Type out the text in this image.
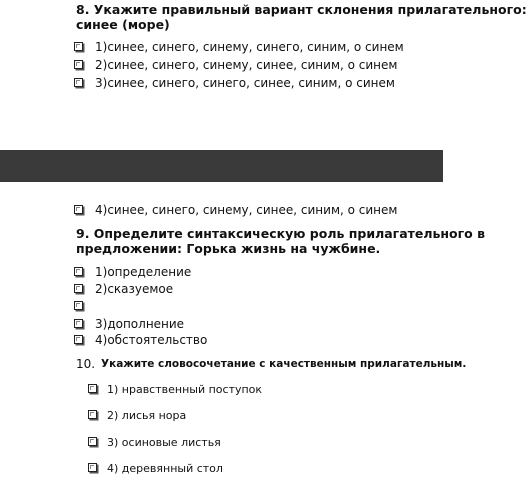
8. Укажите правильный вариант склонения прилагательного:
синее (море)
1)синее, синего, синему, синего, синим, о синем
2)синее, синего, синему, синее, синим, о синем
3)синее, синего, синего, синее, синим, о синем
4)синее, синего, синему, синее, синим, о синем
9. Определите синтаксическую роль прилагательного в
предложении: Горька жизнь на чужбине.
1)определение
2)сказуемое
3)дополнение
4)обстоятельство
10. Укажите словосочетание с качественным прилагательным.
1) нравственный поступок
2) лисья нора
3) осиновые листья
4) деревянный стол
